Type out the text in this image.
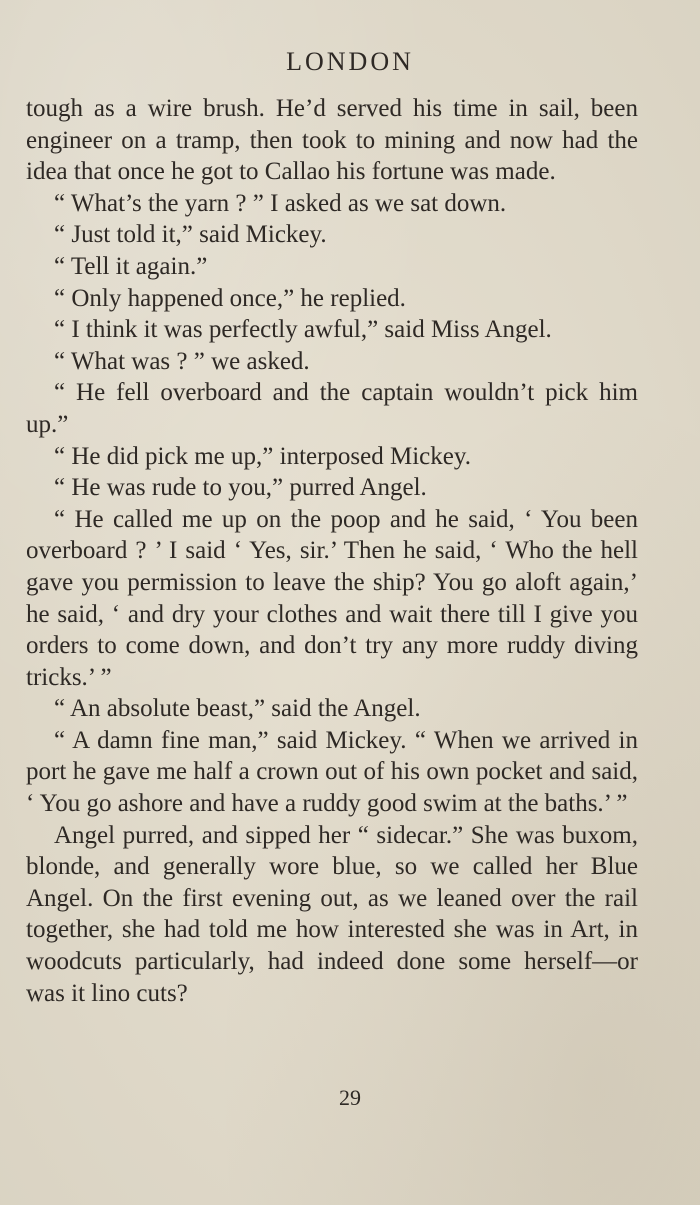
LONDON

tough as a wire brush. He’d served his time in sail, been engineer on a tramp, then took to mining and now had the idea that once he got to Callao his fortune was made.

“ What’s the yarn ? ” I asked as we sat down.

“ Just told it,” said Mickey.

“ Tell it again.”

“ Only happened once,” he replied.

“ I think it was perfectly awful,” said Miss Angel.

“ What was ? ” we asked.

“ He fell overboard and the captain wouldn’t pick him up.”

“ He did pick me up,” interposed Mickey.

“ He was rude to you,” purred Angel.

“ He called me up on the poop and he said, ‘ You been overboard ? ’ I said ‘ Yes, sir.’ Then he said, ‘ Who the hell gave you permission to leave the ship? You go aloft again,’ he said, ‘ and dry your clothes and wait there till I give you orders to come down, and don’t try any more ruddy diving tricks.’ ”

“ An absolute beast,” said the Angel.

“ A damn fine man,” said Mickey. “ When we arrived in port he gave me half a crown out of his own pocket and said, ‘ You go ashore and have a ruddy good swim at the baths.’ ”

Angel purred, and sipped her “ sidecar.” She was buxom, blonde, and generally wore blue, so we called her Blue Angel. On the first evening out, as we leaned over the rail together, she had told me how interested she was in Art, in woodcuts particularly, had indeed done some herself—or was it lino cuts?

29
